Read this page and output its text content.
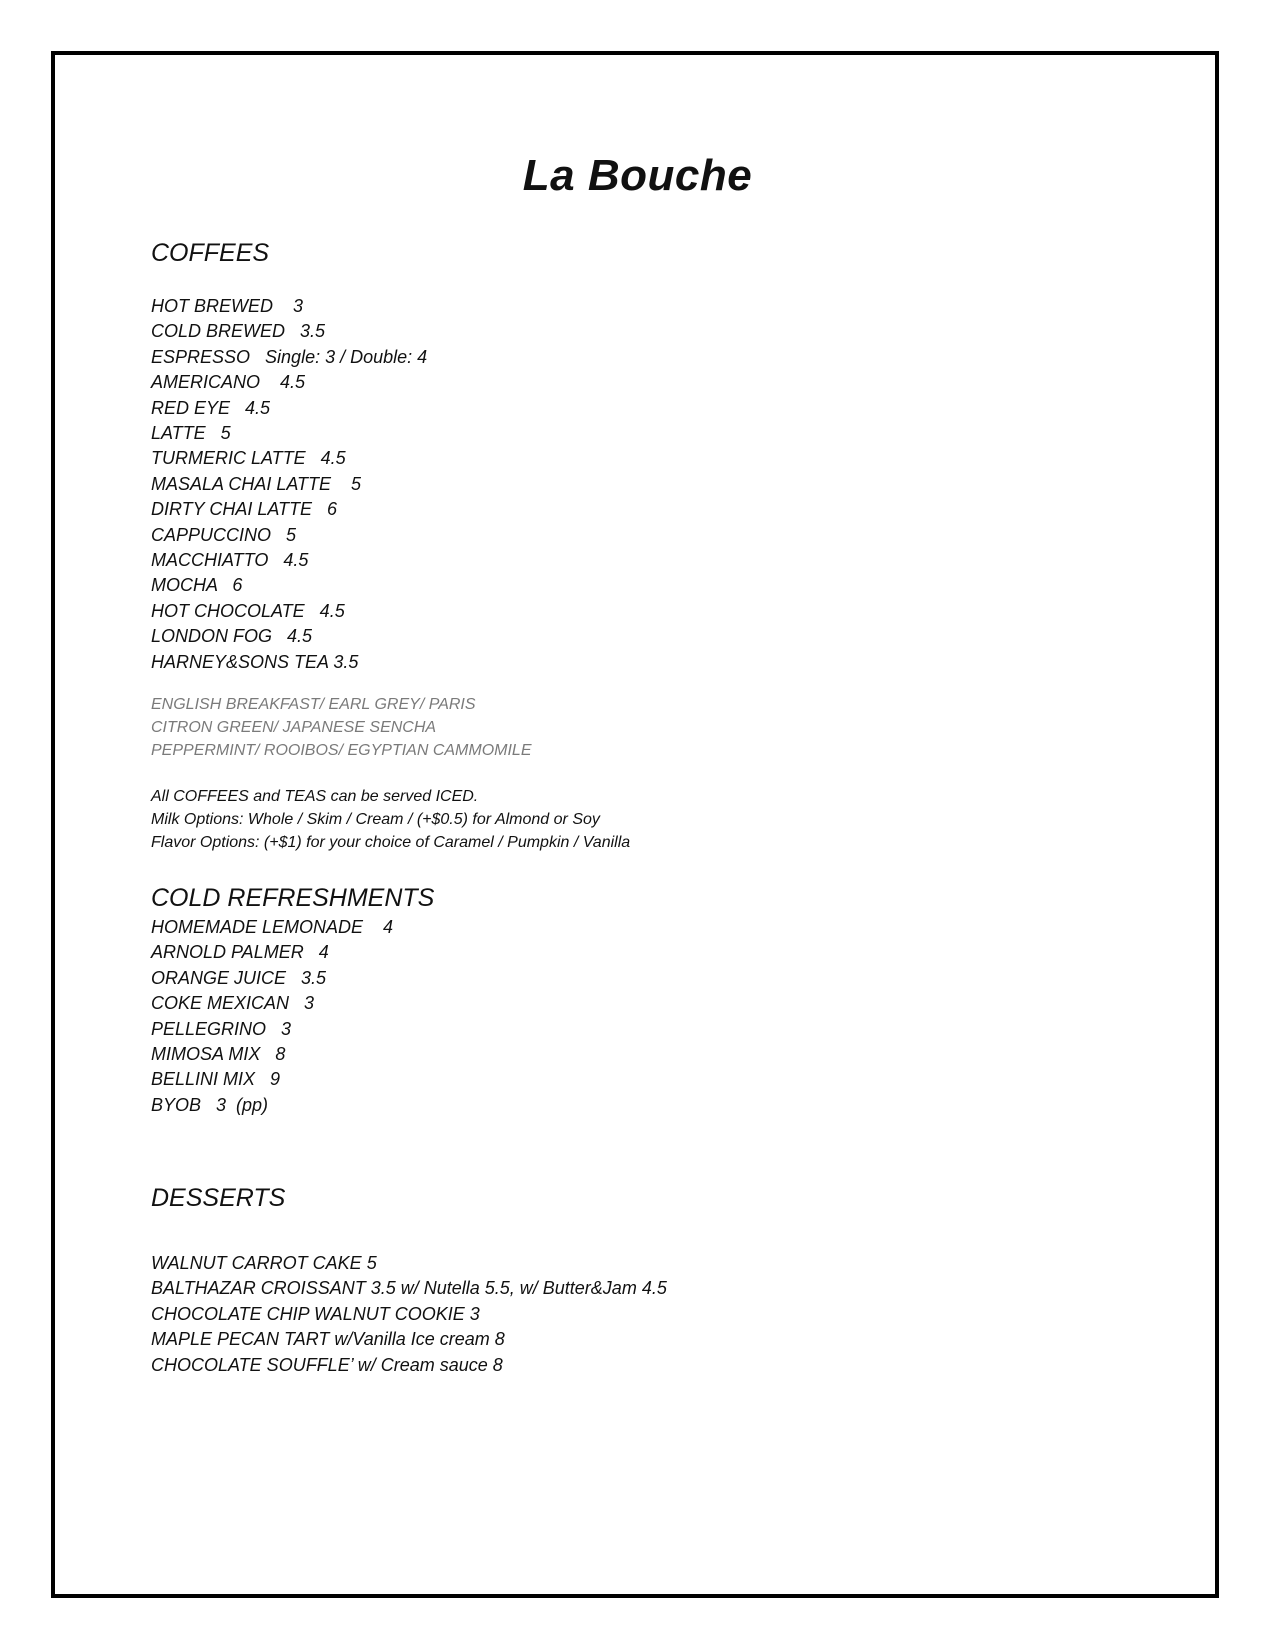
La Bouche
COFFEES
HOT BREWED    3
COLD BREWED   3.5
ESPRESSO   Single: 3 / Double: 4
AMERICANO    4.5
RED EYE   4.5
LATTE   5
TURMERIC LATTE   4.5
MASALA CHAI LATTE    5
DIRTY CHAI LATTE   6
CAPPUCCINO   5
MACCHIATTO   4.5
MOCHA   6
HOT CHOCOLATE   4.5
LONDON FOG   4.5
HARNEY&SONS TEA 3.5
ENGLISH BREAKFAST/ EARL GREY/ PARIS
CITRON GREEN/ JAPANESE SENCHA
PEPPERMINT/ ROOIBOS/ EGYPTIAN CAMMOMILE
All COFFEES and TEAS can be served ICED.
Milk Options: Whole / Skim / Cream / (+$0.5) for Almond or Soy
Flavor Options: (+$1) for your choice of Caramel / Pumpkin / Vanilla
COLD REFRESHMENTS
HOMEMADE LEMONADE    4
ARNOLD PALMER   4
ORANGE JUICE   3.5
COKE MEXICAN   3
PELLEGRINO   3
MIMOSA MIX   8
BELLINI MIX   9
BYOB   3  (pp)
DESSERTS
WALNUT CARROT CAKE 5
BALTHAZAR CROISSANT 3.5 w/ Nutella 5.5, w/ Butter&Jam 4.5
CHOCOLATE CHIP WALNUT COOKIE 3
MAPLE PECAN TART w/Vanilla Ice cream 8
CHOCOLATE SOUFFLE’ w/ Cream sauce 8
